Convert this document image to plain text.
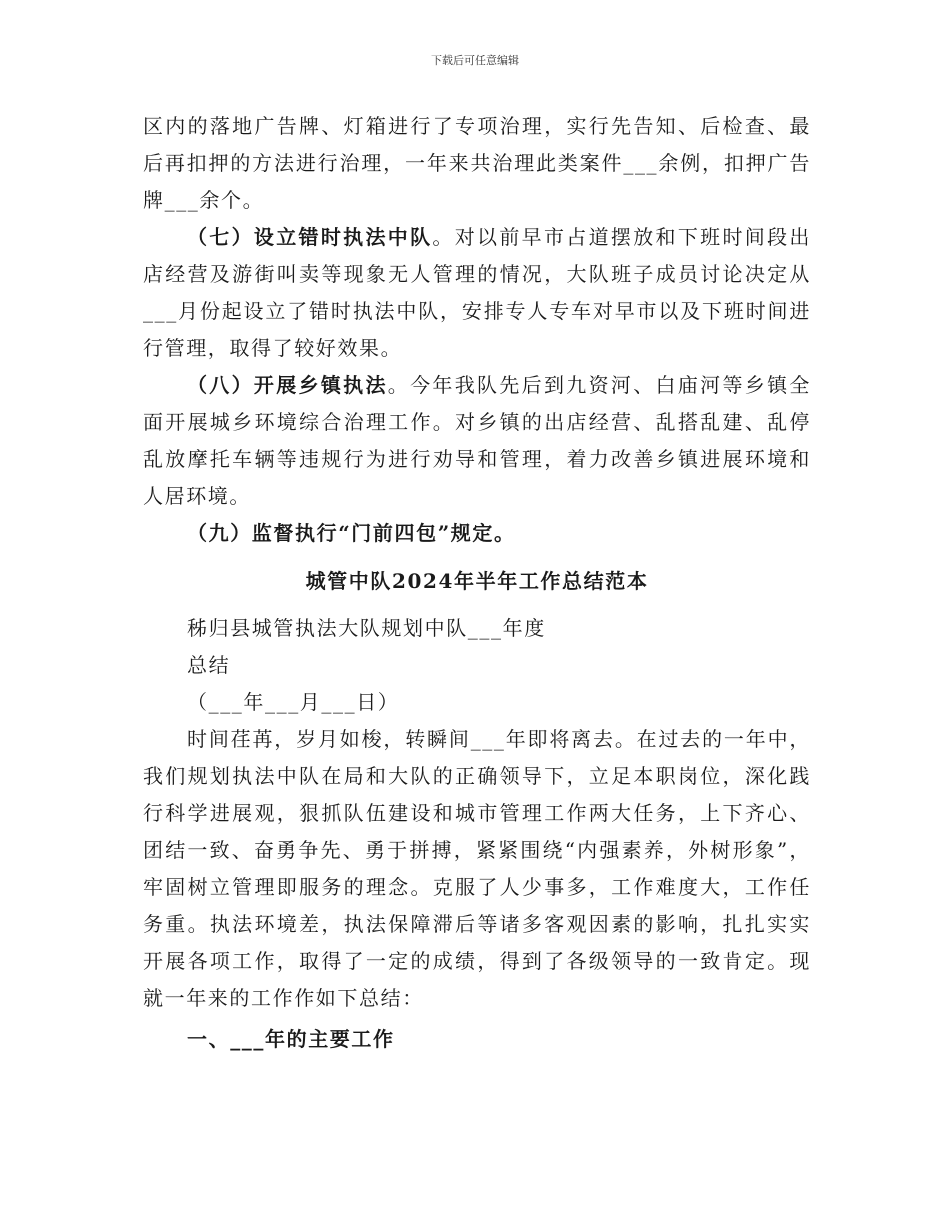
下载后可任意编辑

区内的落地广告牌、灯箱进行了专项治理，实行先告知、后检查、最后再扣押的方法进行治理，一年来共治理此类案件___余例，扣押广告牌___余个。

（七）设立错时执法中队。对以前早市占道摆放和下班时间段出店经营及游街叫卖等现象无人管理的情况，大队班子成员讨论决定从___月份起设立了错时执法中队，安排专人专车对早市以及下班时间进行管理，取得了较好效果。

（八）开展乡镇执法。今年我队先后到九资河、白庙河等乡镇全面开展城乡环境综合治理工作。对乡镇的出店经营、乱搭乱建、乱停乱放摩托车辆等违规行为进行劝导和管理，着力改善乡镇进展环境和人居环境。

（九）监督执行“门前四包”规定。

城管中队2024年半年工作总结范本

秭归县城管执法大队规划中队___年度

总结

（___年___月___日）

时间荏苒，岁月如梭，转瞬间___年即将离去。在过去的一年中，我们规划执法中队在局和大队的正确领导下，立足本职岗位，深化践行科学进展观，狠抓队伍建设和城市管理工作两大任务，上下齐心、团结一致、奋勇争先、勇于拼搏，紧紧围绕“内强素养，外树形象”，牢固树立管理即服务的理念。克服了人少事多，工作难度大，工作任务重。执法环境差，执法保障滞后等诸多客观因素的影响，扎扎实实开展各项工作，取得了一定的成绩，得到了各级领导的一致肯定。现就一年来的工作作如下总结：

一、___年的主要工作
